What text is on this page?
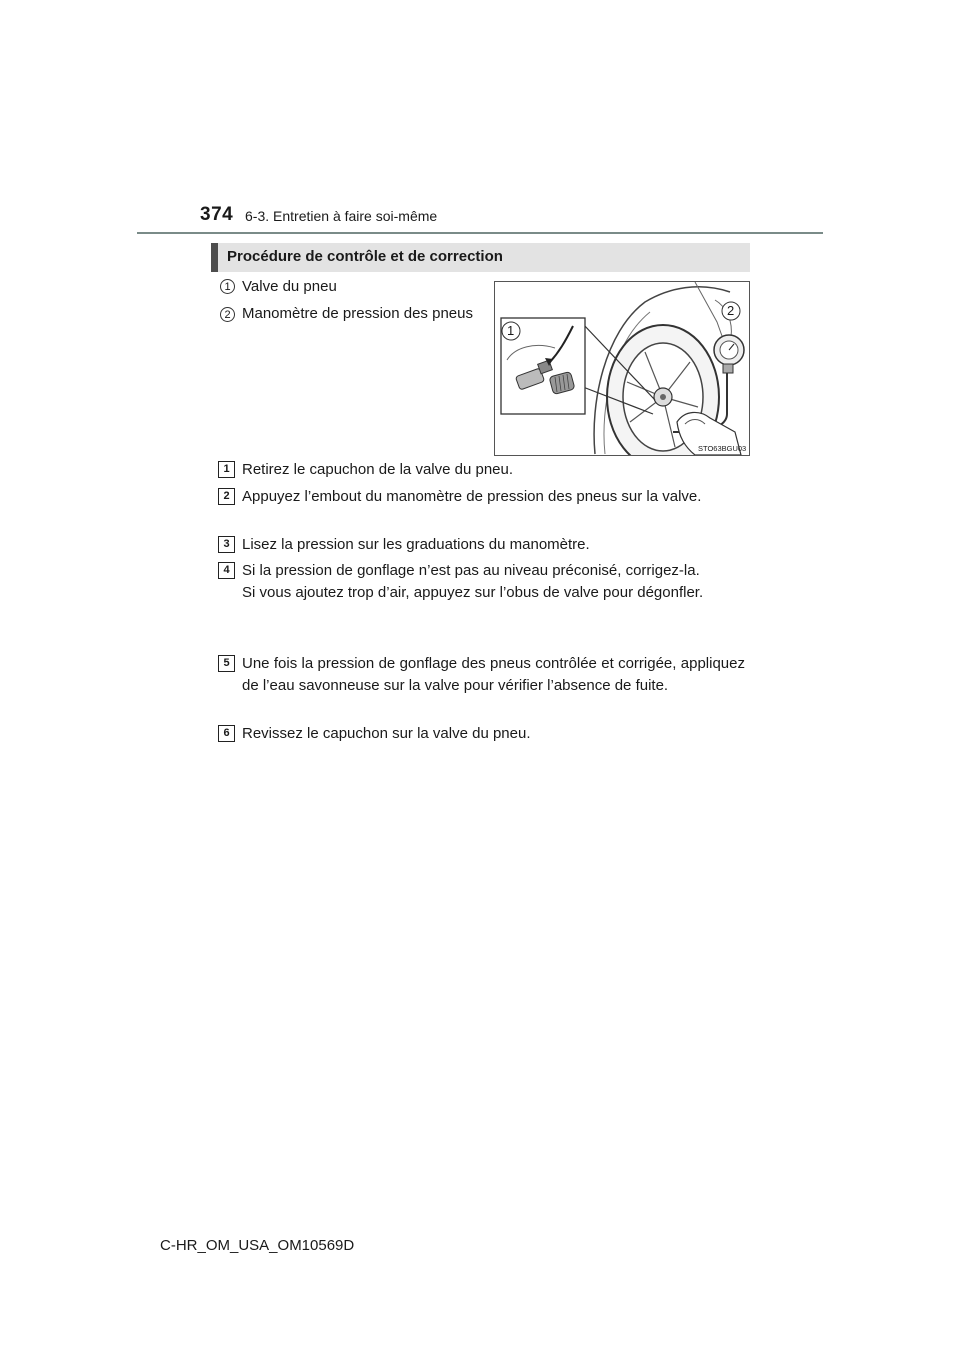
374 6-3. Entretien à faire soi-même
Procédure de contrôle et de correction
1 Valve du pneu
2 Manomètre de pression des pneus
1
2
STO63BGU03
1 Retirez le capuchon de la valve du pneu.
2 Appuyez l’embout du manomètre de pression des pneus sur la valve.
3 Lisez la pression sur les graduations du manomètre.
4 Si la pression de gonflage n’est pas au niveau préconisé, corrigez-la.
Si vous ajoutez trop d’air, appuyez sur l’obus de valve pour dégonfler.
5 Une fois la pression de gonflage des pneus contrôlée et corrigée, appliquez de l’eau savonneuse sur la valve pour vérifier l’absence de fuite.
6 Revissez le capuchon sur la valve du pneu.
C-HR_OM_USA_OM10569D
